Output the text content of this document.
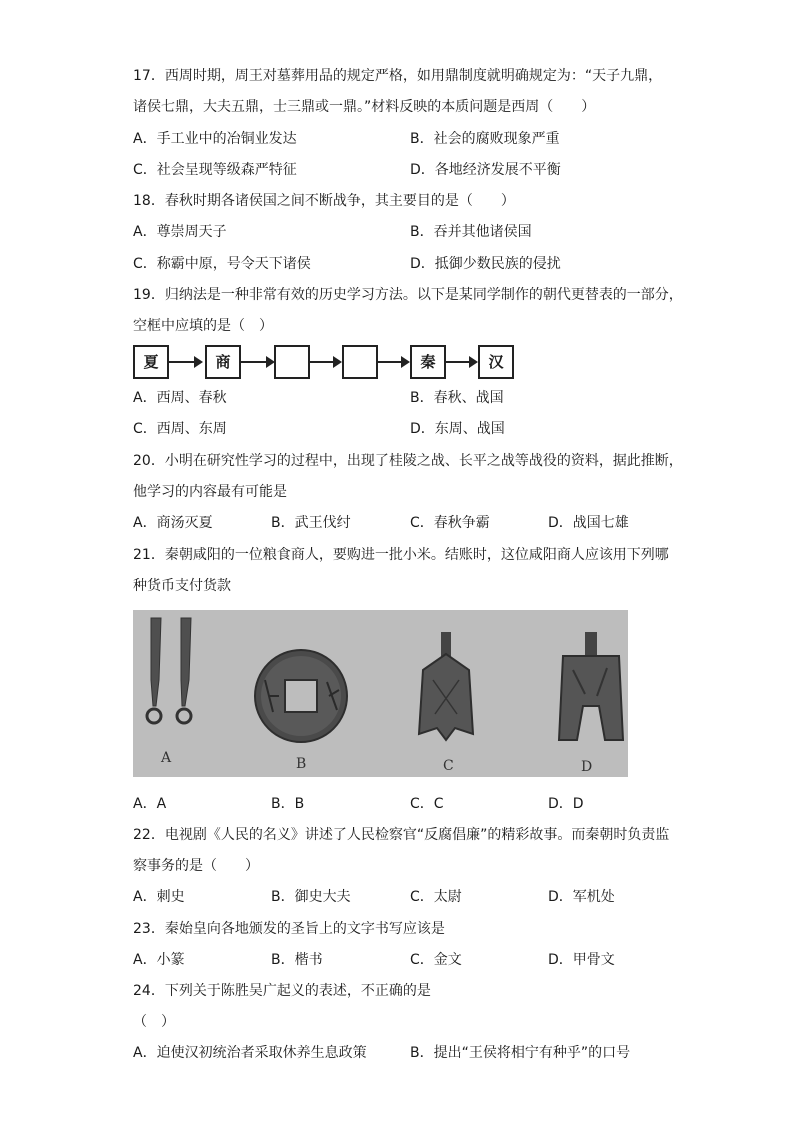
17．西周时期，周王对墓葬用品的规定严格，如用鼎制度就明确规定为：“天子九鼎，
诸侯七鼎，大夫五鼎，士三鼎或一鼎。”材料反映的本质问题是西周（　　）
A．手工业中的冶铜业发达	B．社会的腐败现象严重
C．社会呈现等级森严特征	D．各地经济发展不平衡
18．春秋时期各诸侯国之间不断战争，其主要目的是（　　）
A．尊崇周天子	B．吞并其他诸侯国
C．称霸中原，号令天下诸侯	D．抵御少数民族的侵扰
19．归纳法是一种非常有效的历史学习方法。以下是某同学制作的朝代更替表的一部分，
空框中应填的是（　）
夏	商	秦	汉
A．西周、春秋	B．春秋、战国
C．西周、东周	D．东周、战国
20．小明在研究性学习的过程中，出现了桂陵之战、长平之战等战役的资料，据此推断，
他学习的内容最有可能是
A．商汤灭夏	B．武王伐纣	C．春秋争霸	D．战国七雄
21．秦朝咸阳的一位粮食商人，要购进一批小米。结账时，这位咸阳商人应该用下列哪
种货币支付货款
A	B	C	D
A．A	B．B	C．C	D．D
22．电视剧《人民的名义》讲述了人民检察官“反腐倡廉”的精彩故事。而秦朝时负责监
察事务的是（　　）
A．刺史	B．御史大夫	C．太尉	D．军机处
23．秦始皇向各地颁发的圣旨上的文字书写应该是
A．小篆	B．楷书	C．金文	D．甲骨文
24．下列关于陈胜吴广起义的表述，不正确的是
（　）
A．迫使汉初统治者采取休养生息政策	B．提出“王侯将相宁有种乎”的口号
